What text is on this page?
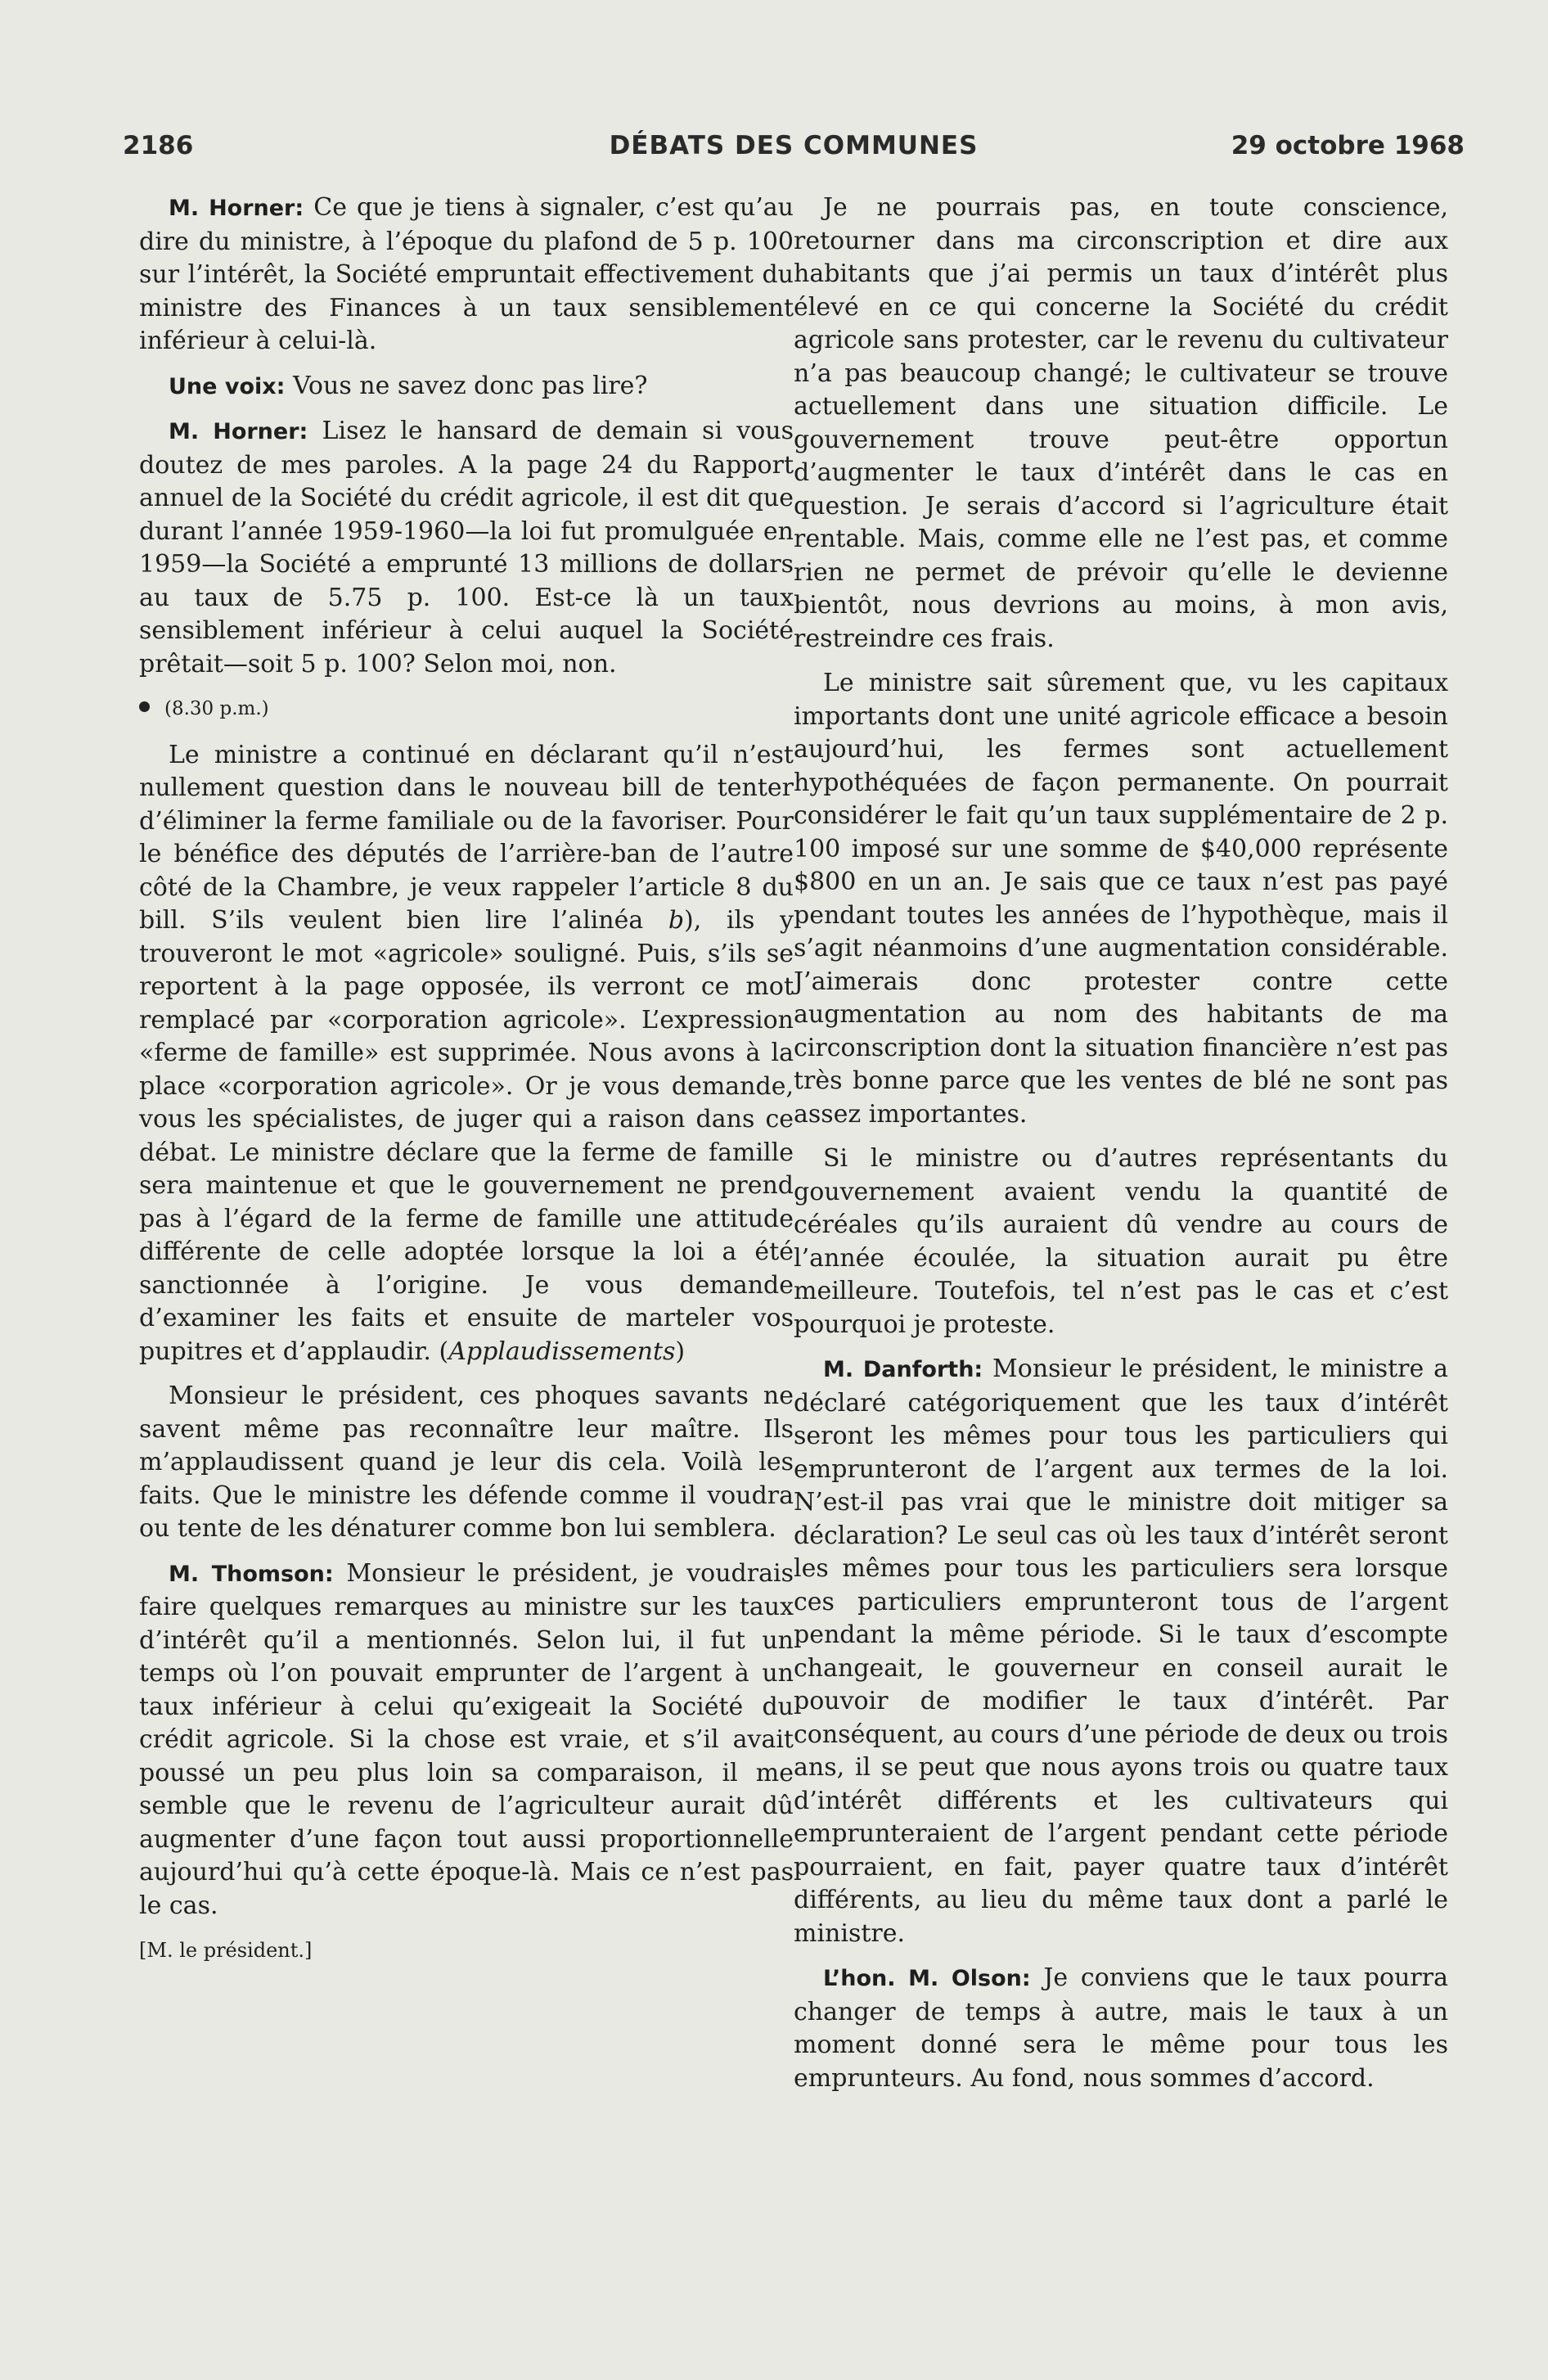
2186	DÉBATS DES COMMUNES	29 octobre 1968

M. Horner: Ce que je tiens à signaler, c’est qu’au dire du ministre, à l’époque du plafond de 5 p. 100 sur l’intérêt, la Société empruntait effectivement du ministre des Finances à un taux sensiblement inférieur à celui-là.

Une voix: Vous ne savez donc pas lire?

M. Horner: Lisez le hansard de demain si vous doutez de mes paroles. A la page 24 du Rapport annuel de la Société du crédit agricole, il est dit que durant l’année 1959-1960—la loi fut promulguée en 1959—la Société a emprunté 13 millions de dollars au taux de 5.75 p. 100. Est-ce là un taux sensiblement inférieur à celui auquel la Société prêtait—soit 5 p. 100? Selon moi, non.

(8.30 p.m.)

Le ministre a continué en déclarant qu’il n’est nullement question dans le nouveau bill de tenter d’éliminer la ferme familiale ou de la favoriser. Pour le bénéfice des députés de l’arrière-ban de l’autre côté de la Chambre, je veux rappeler l’article 8 du bill. S’ils veulent bien lire l’alinéa b), ils y trouveront le mot «agricole» souligné. Puis, s’ils se reportent à la page opposée, ils verront ce mot remplacé par «corporation agricole». L’expression «ferme de famille» est supprimée. Nous avons à la place «corporation agricole». Or je vous demande, vous les spécialistes, de juger qui a raison dans ce débat. Le ministre déclare que la ferme de famille sera maintenue et que le gouvernement ne prend pas à l’égard de la ferme de famille une attitude différente de celle adoptée lorsque la loi a été sanctionnée à l’origine. Je vous demande d’examiner les faits et ensuite de marteler vos pupitres et d’applaudir. (Applaudissements)

Monsieur le président, ces phoques savants ne savent même pas reconnaître leur maître. Ils m’applaudissent quand je leur dis cela. Voilà les faits. Que le ministre les défende comme il voudra ou tente de les dénaturer comme bon lui semblera.

M. Thomson: Monsieur le président, je voudrais faire quelques remarques au ministre sur les taux d’intérêt qu’il a mentionnés. Selon lui, il fut un temps où l’on pouvait emprunter de l’argent à un taux inférieur à celui qu’exigeait la Société du crédit agricole. Si la chose est vraie, et s’il avait poussé un peu plus loin sa comparaison, il me semble que le revenu de l’agriculteur aurait dû augmenter d’une façon tout aussi proportionnelle aujourd’hui qu’à cette époque-là. Mais ce n’est pas le cas.

[M. le président.]

Je ne pourrais pas, en toute conscience, retourner dans ma circonscription et dire aux habitants que j’ai permis un taux d’intérêt plus élevé en ce qui concerne la Société du crédit agricole sans protester, car le revenu du cultivateur n’a pas beaucoup changé; le cultivateur se trouve actuellement dans une situation difficile. Le gouvernement trouve peut-être opportun d’augmenter le taux d’intérêt dans le cas en question. Je serais d’accord si l’agriculture était rentable. Mais, comme elle ne l’est pas, et comme rien ne permet de prévoir qu’elle le devienne bientôt, nous devrions au moins, à mon avis, restreindre ces frais.

Le ministre sait sûrement que, vu les capitaux importants dont une unité agricole efficace a besoin aujourd’hui, les fermes sont actuellement hypothéquées de façon permanente. On pourrait considérer le fait qu’un taux supplémentaire de 2 p. 100 imposé sur une somme de $40,000 représente $800 en un an. Je sais que ce taux n’est pas payé pendant toutes les années de l’hypothèque, mais il s’agit néanmoins d’une augmentation considérable. J’aimerais donc protester contre cette augmentation au nom des habitants de ma circonscription dont la situation financière n’est pas très bonne parce que les ventes de blé ne sont pas assez importantes.

Si le ministre ou d’autres représentants du gouvernement avaient vendu la quantité de céréales qu’ils auraient dû vendre au cours de l’année écoulée, la situation aurait pu être meilleure. Toutefois, tel n’est pas le cas et c’est pourquoi je proteste.

M. Danforth: Monsieur le président, le ministre a déclaré catégoriquement que les taux d’intérêt seront les mêmes pour tous les particuliers qui emprunteront de l’argent aux termes de la loi. N’est-il pas vrai que le ministre doit mitiger sa déclaration? Le seul cas où les taux d’intérêt seront les mêmes pour tous les particuliers sera lorsque ces particuliers emprunteront tous de l’argent pendant la même période. Si le taux d’escompte changeait, le gouverneur en conseil aurait le pouvoir de modifier le taux d’intérêt. Par conséquent, au cours d’une période de deux ou trois ans, il se peut que nous ayons trois ou quatre taux d’intérêt différents et les cultivateurs qui emprunteraient de l’argent pendant cette période pourraient, en fait, payer quatre taux d’intérêt différents, au lieu du même taux dont a parlé le ministre.

L’hon. M. Olson: Je conviens que le taux pourra changer de temps à autre, mais le taux à un moment donné sera le même pour tous les emprunteurs. Au fond, nous sommes d’accord.
